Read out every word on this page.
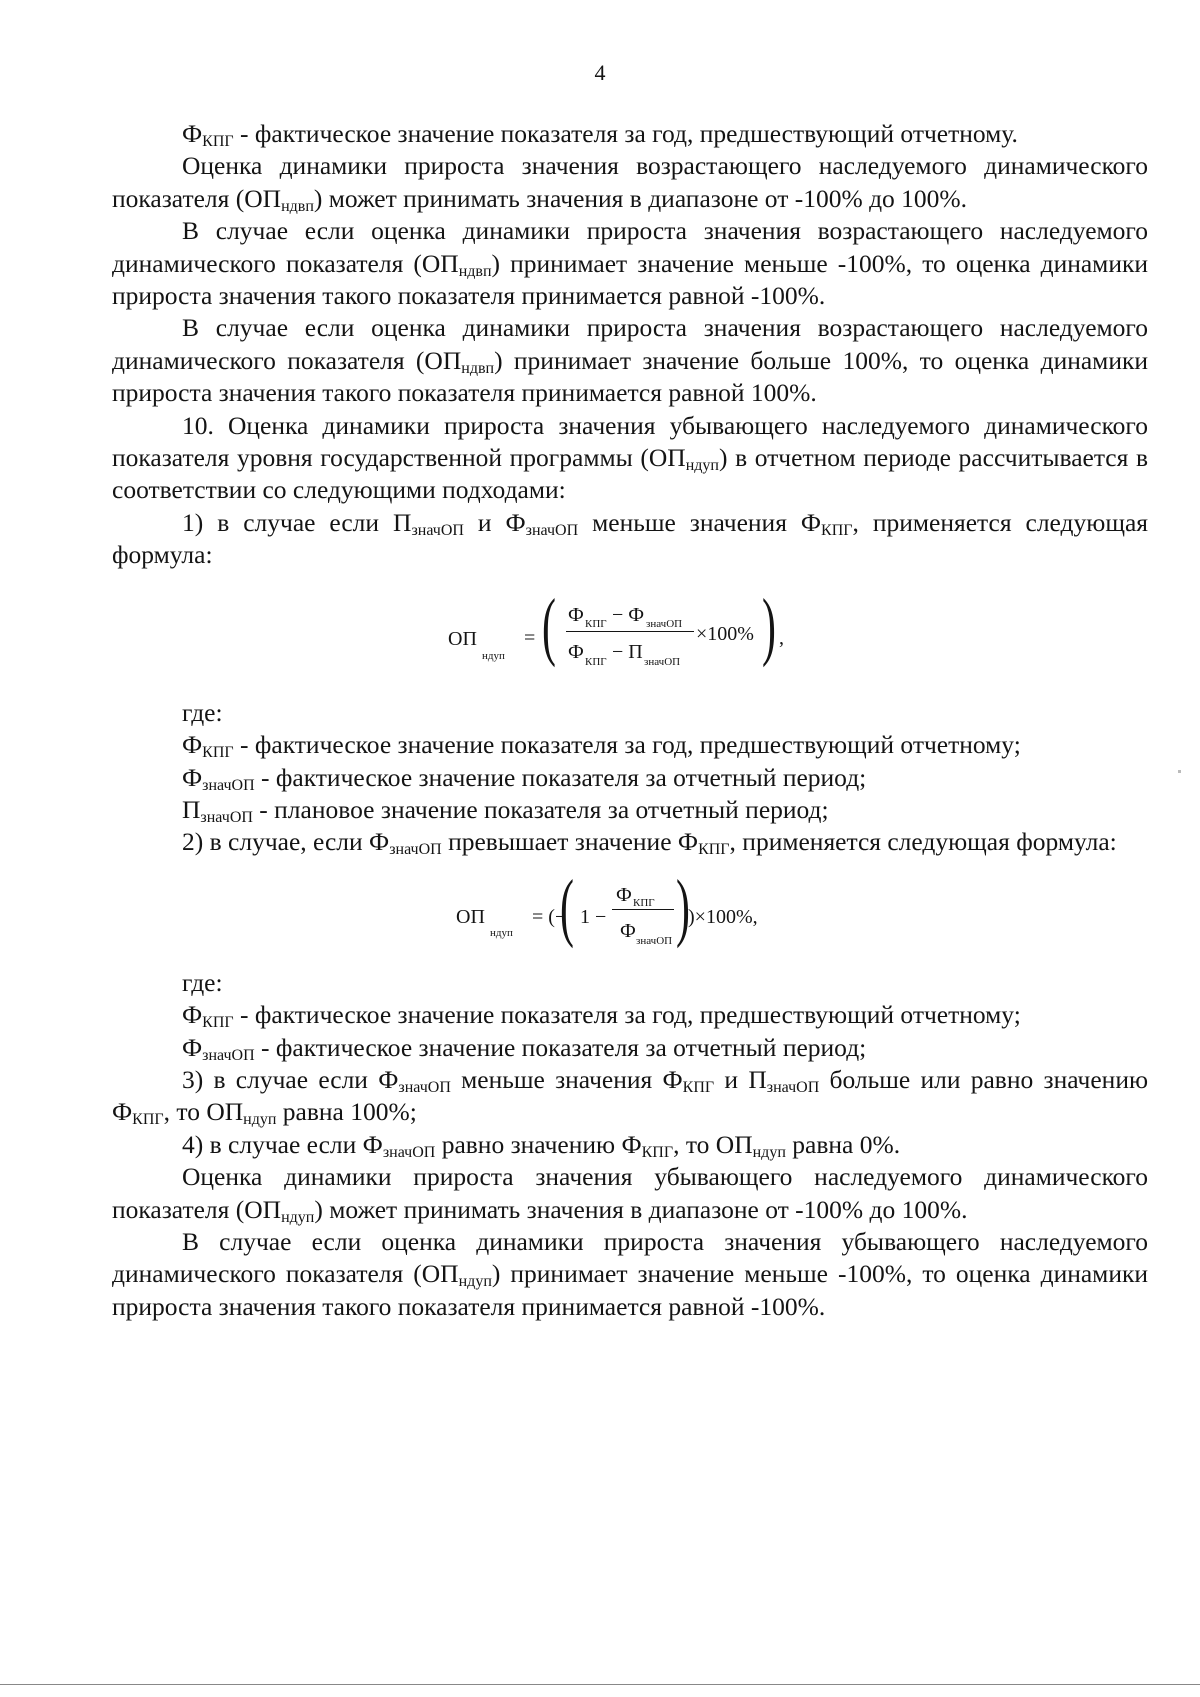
4

$Ф_{КПГ}$ - фактическое значение показателя за год, предшествующий отчетному.

Оценка динамики прироста значения возрастающего наследуемого динамического показателя $(ОП_{ндвп})$ может принимать значения в диапазоне от -100% до 100%.

В случае если оценка динамики прироста значения возрастающего наследуемого динамического показателя $(ОП_{ндвп})$ принимает значение меньше -100%, то оценка динамики прироста значения такого показателя принимается равной -100%.

В случае если оценка динамики прироста значения возрастающего наследуемого динамического показателя $(ОП_{ндвп})$ принимает значение больше 100%, то оценка динамики прироста значения такого показателя принимается равной 100%.

10. Оценка динамики прироста значения убывающего наследуемого динамического показателя уровня государственной программы $(ОП_{ндуп})$ в отчетном периоде рассчитывается в соответствии со следующими подходами:

1) в случае если $П_{значОП}$ и $Ф_{значОП}$ меньше значения $Ф_{КПГ}$, применяется следующая формула:

ОП
ндуп
= ( Ф КПГ − Ф значОП
Ф КПГ − П значОП
×100% ) ,

где:

$Ф_{КПГ}$ - фактическое значение показателя за год, предшествующий отчетному;

$Ф_{значОП}$ - фактическое значение показателя за отчетный период;

$П_{значОП}$ - плановое значение показателя за отчетный период;

2) в случае, если $Ф_{значОП}$ превышает значение $Ф_{КПГ}$, применяется следующая формула:

ОП
ндуп
= (−
( 1 −
Ф КПГ
Ф значОП )
)×100%,

где:

$Ф_{КПГ}$ - фактическое значение показателя за год, предшествующий отчетному;

$Ф_{значОП}$ - фактическое значение показателя за отчетный период;

3) в случае если $Ф_{значОП}$ меньше значения $Ф_{КПГ}$ и $П_{значОП}$ больше или равно значению $Ф_{КПГ}$, то $ОП_{ндуп}$ равна 100%;

4) в случае если $Ф_{значОП}$ равно значению $Ф_{КПГ}$, то $ОП_{ндуп}$ равна 0%.

Оценка динамики прироста значения убывающего наследуемого динамического показателя $(ОП_{ндуп})$ может принимать значения в диапазоне от -100% до 100%.

В случае если оценка динамики прироста значения убывающего наследуемого динамического показателя $(ОП_{ндуп})$ принимает значение меньше -100%, то оценка динамики прироста значения такого показателя принимается равной -100%.
